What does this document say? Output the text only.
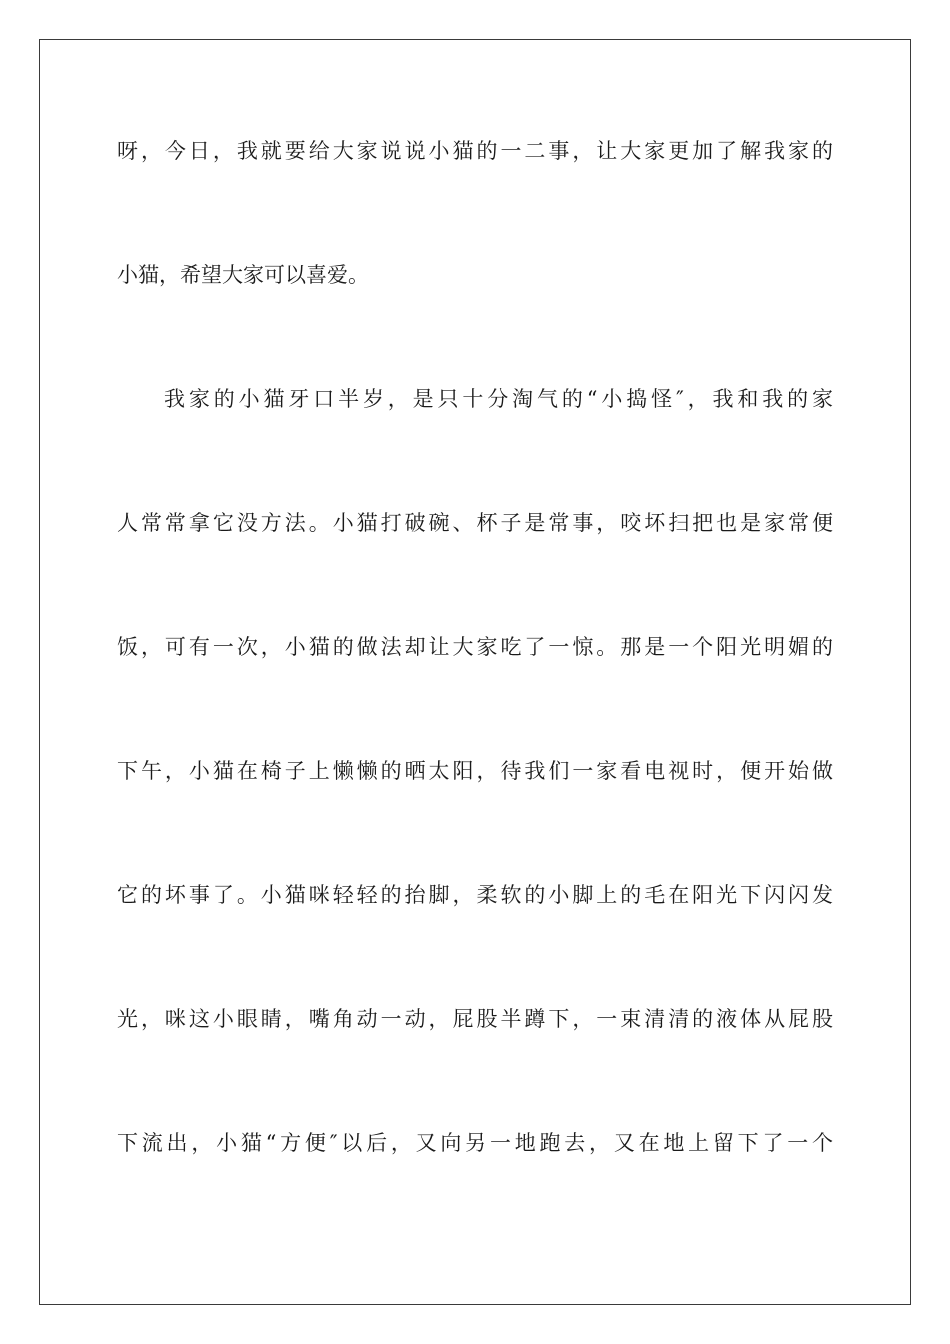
呀，今日，我就要给大家说说小猫的一二事，让大家更加了解我家的
小猫，希望大家可以喜爱。
我家的小猫牙口半岁，是只十分淘气的“小捣怪″，我和我的家
人常常拿它没方法。小猫打破碗、杯子是常事，咬坏扫把也是家常便
饭，可有一次，小猫的做法却让大家吃了一惊。那是一个阳光明媚的
下午，小猫在椅子上懒懒的晒太阳，待我们一家看电视时，便开始做
它的坏事了。小猫咪轻轻的抬脚，柔软的小脚上的毛在阳光下闪闪发
光，咪这小眼睛，嘴角动一动，屁股半蹲下，一束清清的液体从屁股
下流出，小猫“方便″以后，又向另一地跑去，又在地上留下了一个
